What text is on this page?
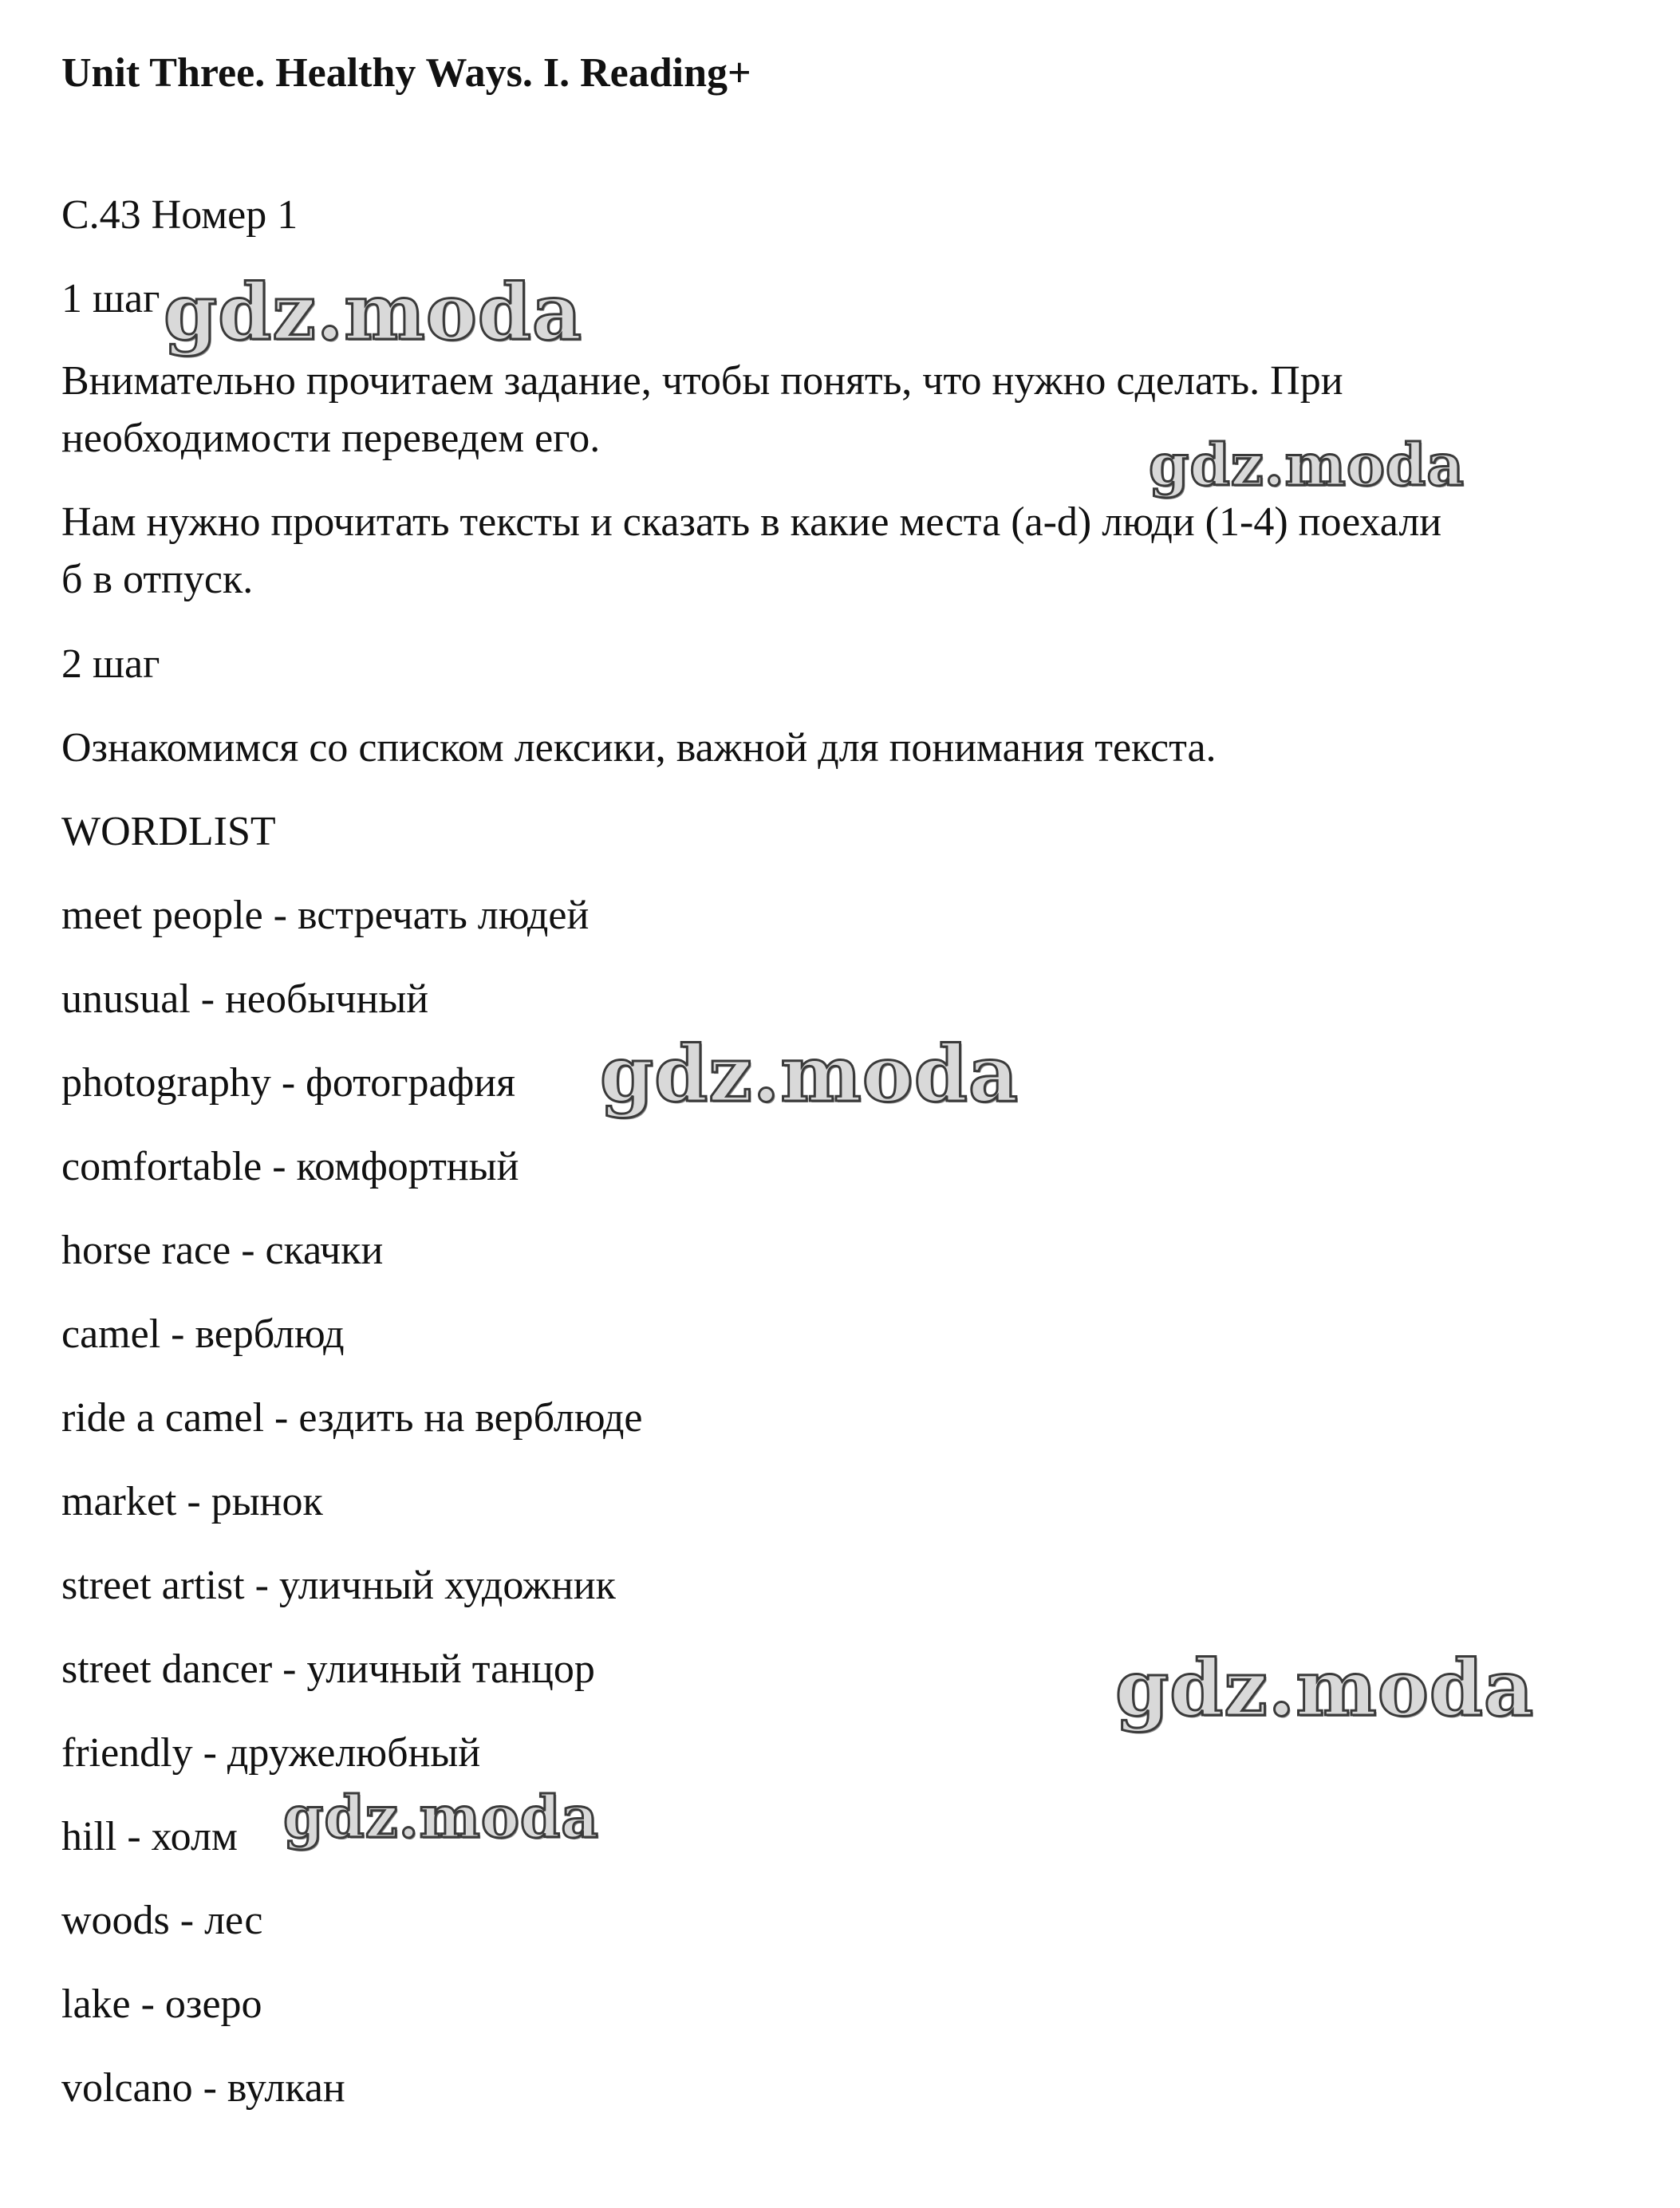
Unit Three. Healthy Ways. I. Reading+
С.43 Номер 1
1 шаг
Внимательно прочитаем задание, чтобы понять, что нужно сделать. При
необходимости переведем его.
Нам нужно прочитать тексты и сказать в какие места (a-d) люди (1-4) поехали
б в отпуск.
2 шаг
Ознакомимся со списком лексики, важной для понимания текста.
WORDLIST
meet people - встречать людей
unusual - необычный
photography - фотография
comfortable - комфортный
horse race - скачки
camel - верблюд
ride a camel - ездить на верблюде
market - рынок
street artist - уличный художник
street dancer - уличный танцор
friendly - дружелюбный
hill - холм
woods - лес
lake - озеро
volcano - вулкан
gdz.moda
gdz.moda
gdz.moda
gdz.moda
gdz.moda
